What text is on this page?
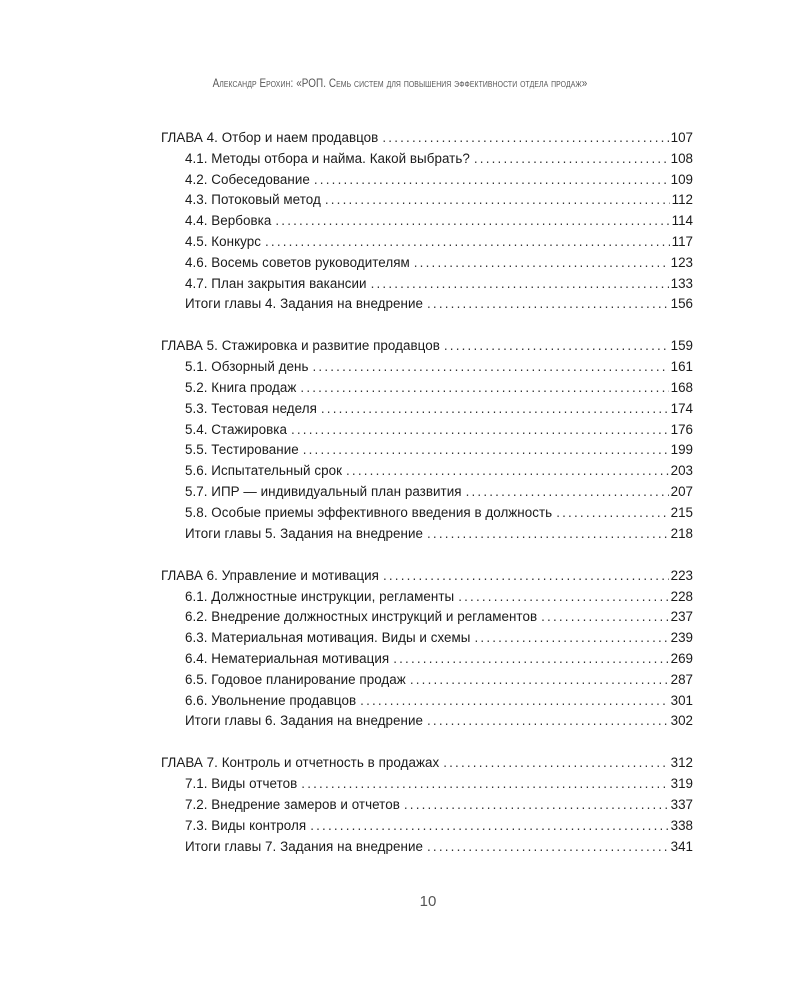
Александр Ерохин: «РОП. Семь систем для повышения эффективности отдела продаж»
ГЛАВА 4. Отбор и наем продавцов .....	107
4.1. Методы отбора и найма. Какой выбрать? .....	108
4.2. Собеседование .....	109
4.3. Потоковый метод .....	112
4.4. Вербовка .....	114
4.5. Конкурс .....	117
4.6. Восемь советов руководителям .....	123
4.7. План закрытия вакансии .....	133
Итоги главы 4. Задания на внедрение .....	156
ГЛАВА 5. Стажировка и развитие продавцов .....	159
5.1. Обзорный день .....	161
5.2. Книга продаж .....	168
5.3. Тестовая неделя .....	174
5.4. Стажировка .....	176
5.5. Тестирование .....	199
5.6. Испытательный срок .....	203
5.7. ИПР — индивидуальный план развития .....	207
5.8. Особые приемы эффективного введения в должность .....	215
Итоги главы 5. Задания на внедрение .....	218
ГЛАВА 6. Управление и мотивация .....	223
6.1. Должностные инструкции, регламенты .....	228
6.2. Внедрение должностных инструкций и регламентов .....	237
6.3. Материальная мотивация. Виды и схемы .....	239
6.4. Нематериальная мотивация .....	269
6.5. Годовое планирование продаж .....	287
6.6. Увольнение продавцов .....	301
Итоги главы 6. Задания на внедрение .....	302
ГЛАВА 7. Контроль и отчетность в продажах .....	312
7.1. Виды отчетов .....	319
7.2. Внедрение замеров и отчетов .....	337
7.3. Виды контроля .....	338
Итоги главы 7. Задания на внедрение .....	341
10
